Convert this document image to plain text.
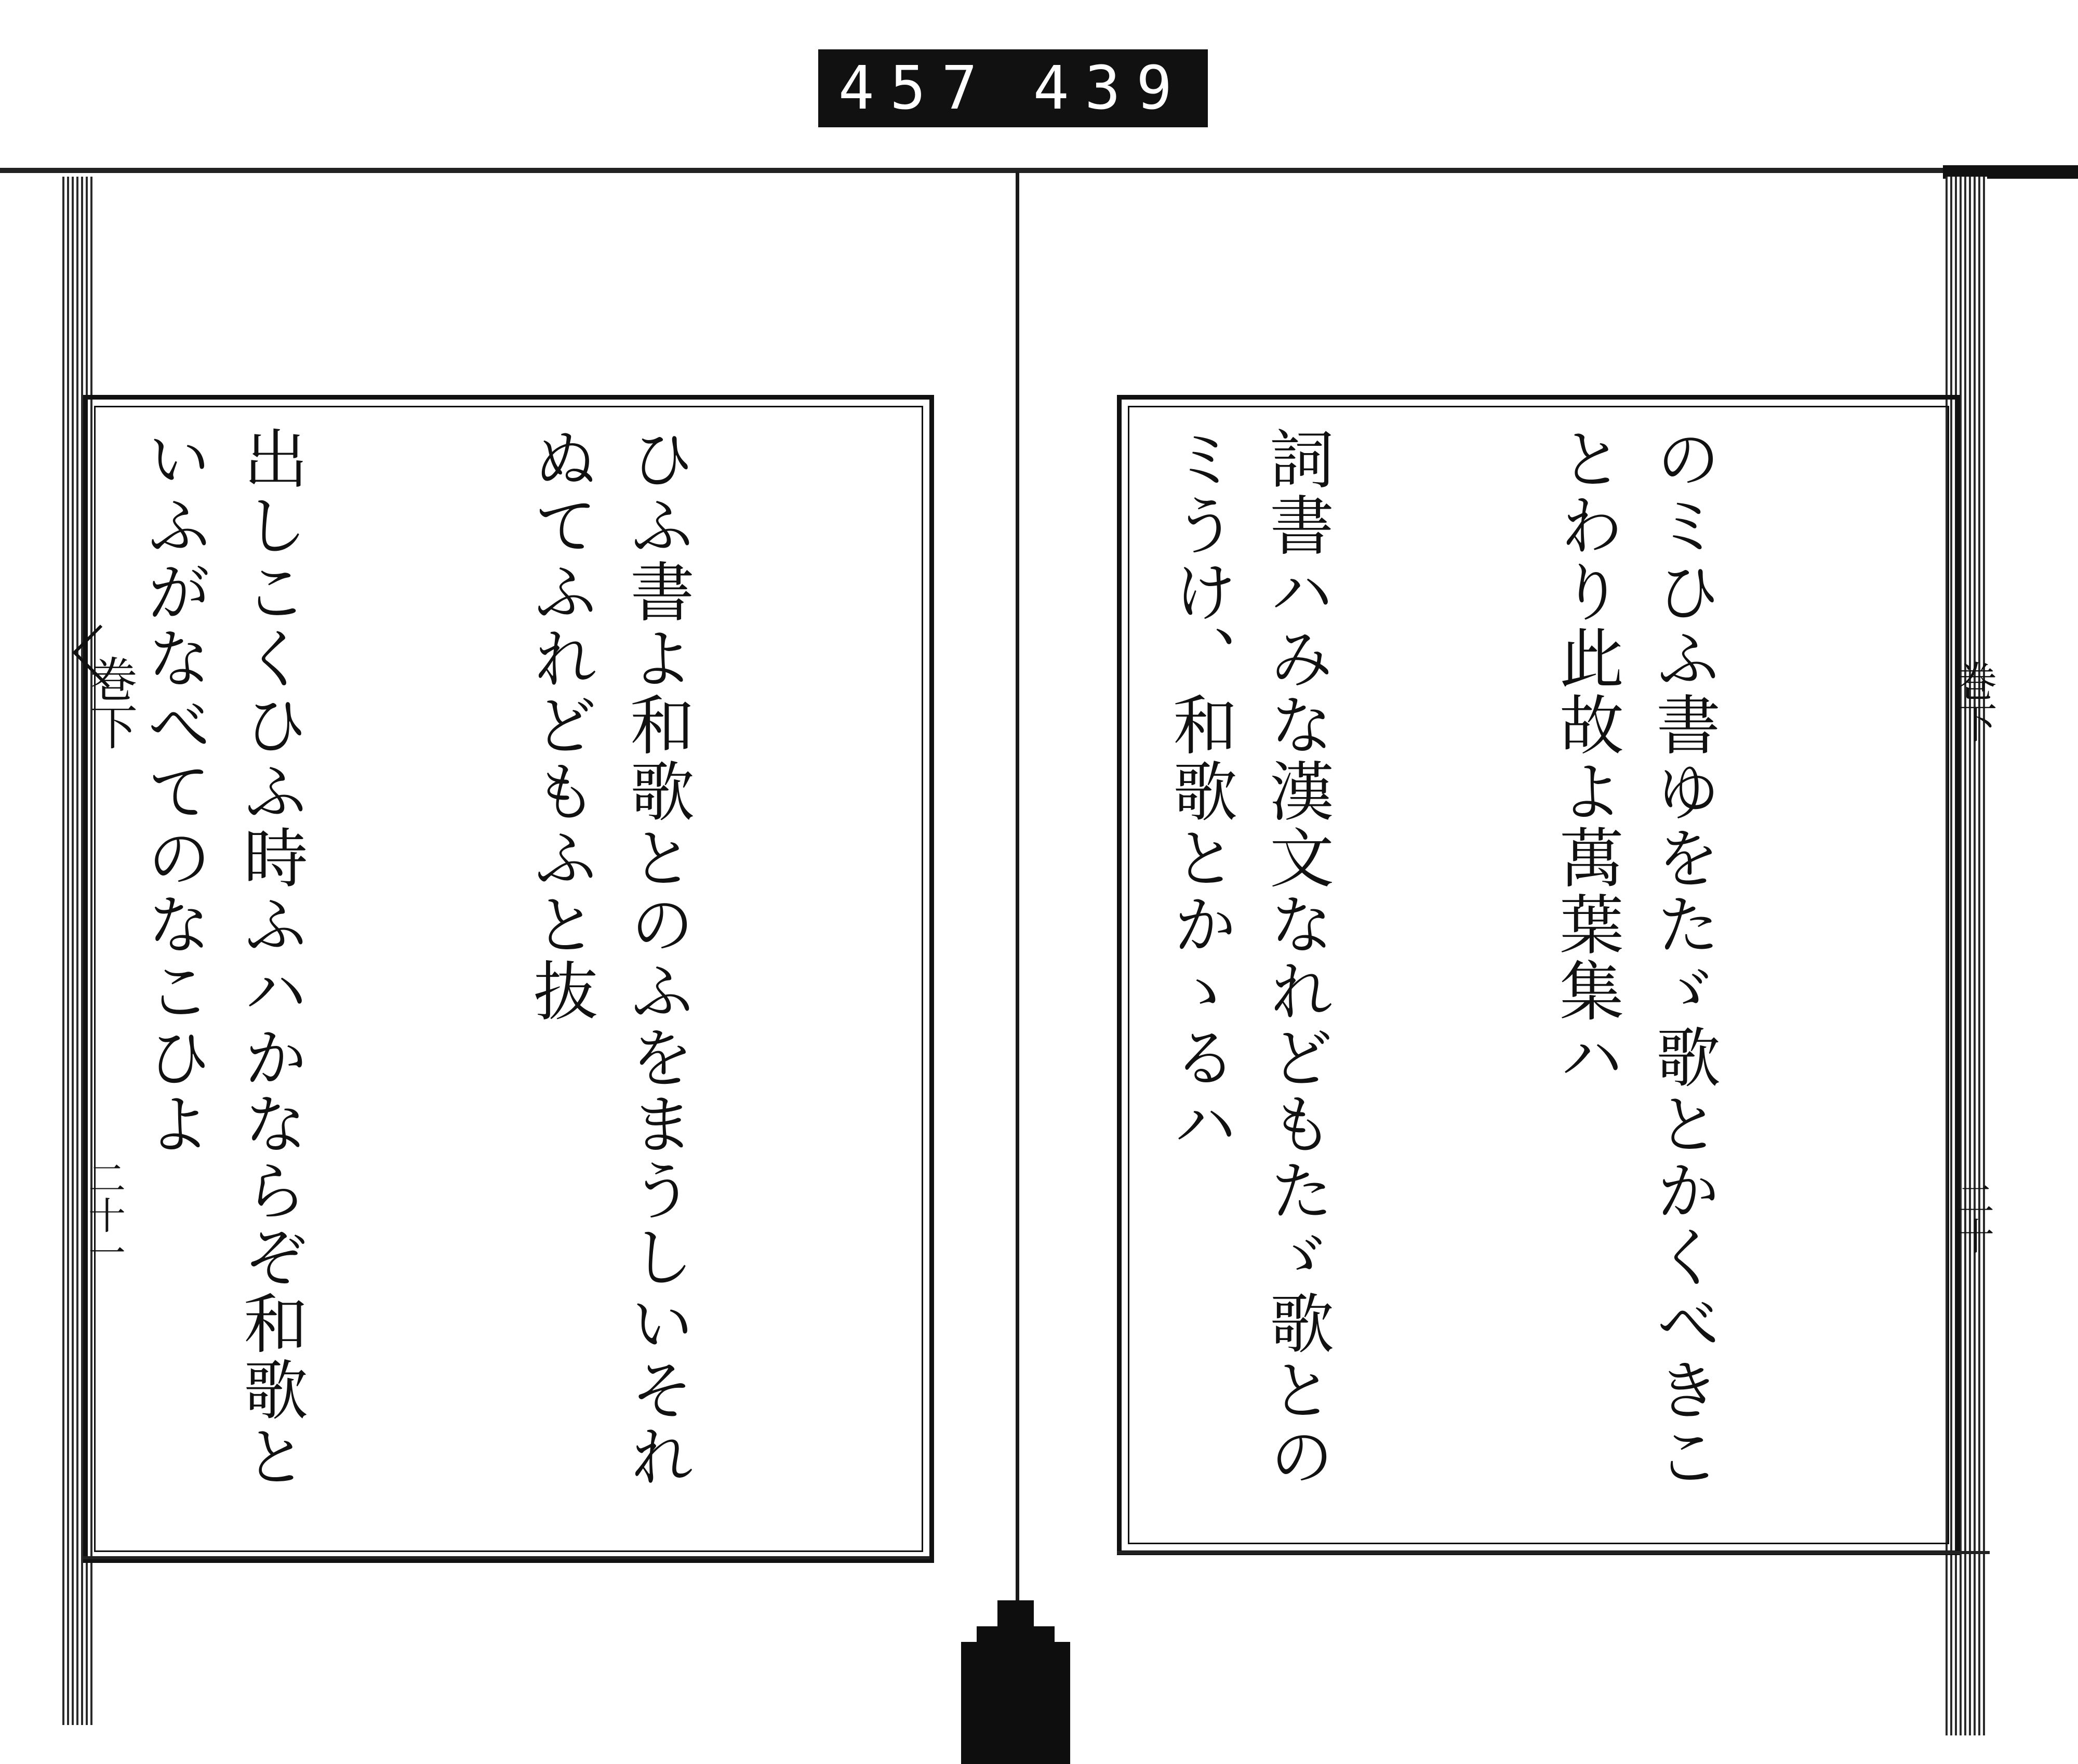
457 439

ひふ書よ和歌とのふをまうしいそれぬてふれどもふと抜

出しこくひふ時ふハかならぞ和歌といふがなべてのなこひよ

巻下
二十一

	のミひふ書ゆをたゞ歌とかくべきことわり此故よ萬葉集ハ

詞書ハみな漢文なれどもたゞ歌とのミうけ、和歌とかゝるハ

	巻下
二十
